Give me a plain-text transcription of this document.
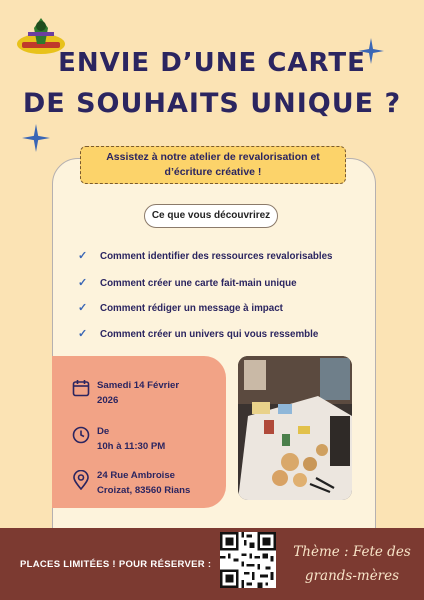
ENVIE D’UNE CARTE
DE SOUHAITS UNIQUE ?
Assistez à notre atelier de revalorisation et
d’écriture créative !
Ce que vous découvrirez
✓ Comment identifier des ressources revalorisables
✓ Comment créer une carte fait-main unique
✓ Comment rédiger un message à impact
✓ Comment créer un univers qui vous ressemble
Samedi 14 Février
2026
De
10h à 11:30 PM
24 Rue Ambroise
Croizat, 83560 Rians
PLACES LIMITÉES ! POUR RÉSERVER :
Thème : Fete des
grands-mères
